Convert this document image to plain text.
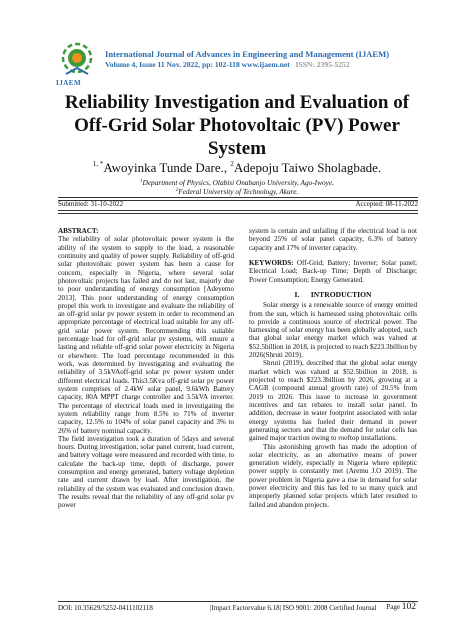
IJAEM
International Journal of Advances in Engineering and Management (IJAEM)
Volume 4, Issue 11 Nov. 2022, pp: 102-118 www.ijaem.net ISSN: 2395-5252
Reliability Investigation and Evaluation of
Off-Grid Solar Photovoltaic (PV) Power
System
$^{1, *}$Awoyinka Tunde Dare., $^2$Adepoju Taiwo Sholagbade.
$^1$Department of Physics, Olabisi Onabanjo University, Ago-Iwoye.
$^2$Federal University of Technology, Akure.
Submitted: 31-10-2022	Accepted: 08-11-2022

ABSTRACT:

The reliability of solar photovoltaic power system is the ability of the system to supply to the load, a reasonable continuity and quality of power supply. Reliability of off-grid solar photovoltaic power system has been a cause for concern, especially in Nigeria, where several solar photovoltaic projects has failed and do not last, majorly due to poor understanding of energy consumption [Adeyemo 2013]. This poor understanding of energy consumption propel this work to investigate and evaluate the reliability of an off-grid solar pv power system in order to recommend an appropriate percentage of electrical load suitable for any off-grid solar power system. Recommending this suitable percentage load for off-grid solar pv systems, will ensure a lasting and reliable off-grid solar power electricity in Nigeria or elsewhere. The load percentage recommended in this work, was determined by investigating and evaluating the reliability of 3.5kVAoff-grid solar pv power system under different electrical loads. This3.5Kva off-grid solar pv power system comprises of 2.4kW solar panel, 9.6kWh Battery capacity, 80A MPPT charge controller and 3.5kVA inverter. The percentage of electrical loads used in investigating the system reliability range from 8.5% to 71% of inverter capacity, 12.5% to 104% of solar panel capacity and 3% to 26% of battery nominal capacity.

The field investigation took a duration of 5days and several hours. During investigation, solar panel current, load current, and battery voltage were measured and recorded with time, to calculate the back-up time, depth of discharge, power consumption and energy generated, battery voltage depletion rate and current drawn by load. After investigation, the reliability of the system was evaluated and conclusion drawn. The results reveal that the reliability of any off-grid solar pv power

system is certain and unfailing if the electrical load is not beyond 25% of solar panel capacity, 6.3% of battery capacity and 17% of inverter capacity.

KEYWORDS: Off-Grid; Battery; Inverter; Solar panel; Electrical Load; Back-up Time; Depth of Discharge; Power Consumption; Energy Generated.

I.      INTRODUCTION

Solar energy is a renewable source of energy emitted from the sun, which is harnessed using photovoltaic cells to provide a continuous source of electrical power. The harnessing of solar energy has been globally adopted, such that global solar energy market which was valued at $52.5billion in 2018, is projected to reach $223.3billion by 2026(Shruti 2019).

Shruti (2019), described that the global solar energy market which was valued at $52.5billion in 2018, is projected to reach $223.3billion by 2026, growing at a CAGR (compound annual growth rate) of 20.5% from 2019 to 2026. This issue to increase in government incentives and tax rebates to install solar panel. In addition, decrease in water footprint associated with solar energy systems has fueled their demand in power generating sectors and that the demand for solar cells has gained major traction owing to rooftop installations.

This astonishing growth has made the adoption of solar electricity, as an alternative means of power generation widely, especially in Nigeria where epileptic power supply is constantly met (Aremu J.O 2019). The power problem in Nigeria gave a rise in demand for solar power electricity and this has led to so many quick and improperly planned solar projects which later resulted to failed and abandon projects.

DOI: 10.35629/5252-0411102118	|Impact Factorvalue 6.18| ISO 9001: 2008 Certified Journal Page 102
